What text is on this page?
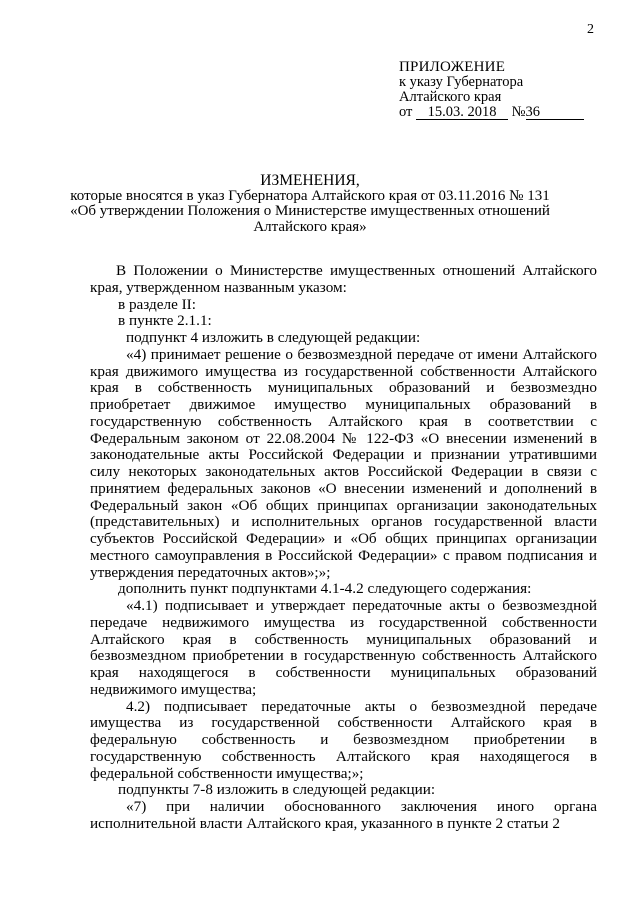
2
ПРИЛОЖЕНИЕ
к указу Губернатора
Алтайского края
от 15.03. 2018 №36
ИЗМЕНЕНИЯ,
которые вносятся в указ Губернатора Алтайского края от 03.11.2016 № 131
«Об утверждении Положения о Министерстве имущественных отношений
Алтайского края»

В Положении о Министерстве имущественных отношений Алтайского края, утвержденном названным указом:

в разделе II:

в пункте 2.1.1:

подпункт 4 изложить в следующей редакции:

«4) принимает решение о безвозмездной передаче от имени Алтайского края движимого имущества из государственной собственности Алтайского края в собственность муниципальных образований и безвозмездно приобретает движимое имущество муниципальных образований в государственную собственность Алтайского края в соответствии с Федеральным законом от 22.08.2004 № 122-ФЗ «О внесении изменений в законодательные акты Российской Федерации и признании утратившими силу некоторых законодательных актов Российской Федерации в связи с принятием федеральных законов «О внесении изменений и дополнений в Федеральный закон «Об общих принципах организации законодательных (представительных) и исполнительных органов государственной власти субъектов Российской Федерации» и «Об общих принципах организации местного самоуправления в Российской Федерации» с правом подписания и утверждения передаточных актов»;»;

дополнить пункт подпунктами 4.1-4.2 следующего содержания:

«4.1) подписывает и утверждает передаточные акты о безвозмездной передаче недвижимого имущества из государственной собственности Алтайского края в собственность муниципальных образований и безвозмездном приобретении в государственную собственность Алтайского края находящегося в собственности муниципальных образований недвижимого имущества;

4.2) подписывает передаточные акты о безвозмездной передаче имущества из государственной собственности Алтайского края в федеральную собственность и безвозмездном приобретении в государственную собственность Алтайского края находящегося в федеральной собственности имущества;»;

подпункты 7-8 изложить в следующей редакции:

«7) при наличии обоснованного заключения иного органа исполнительной власти Алтайского края, указанного в пункте 2 статьи 2
